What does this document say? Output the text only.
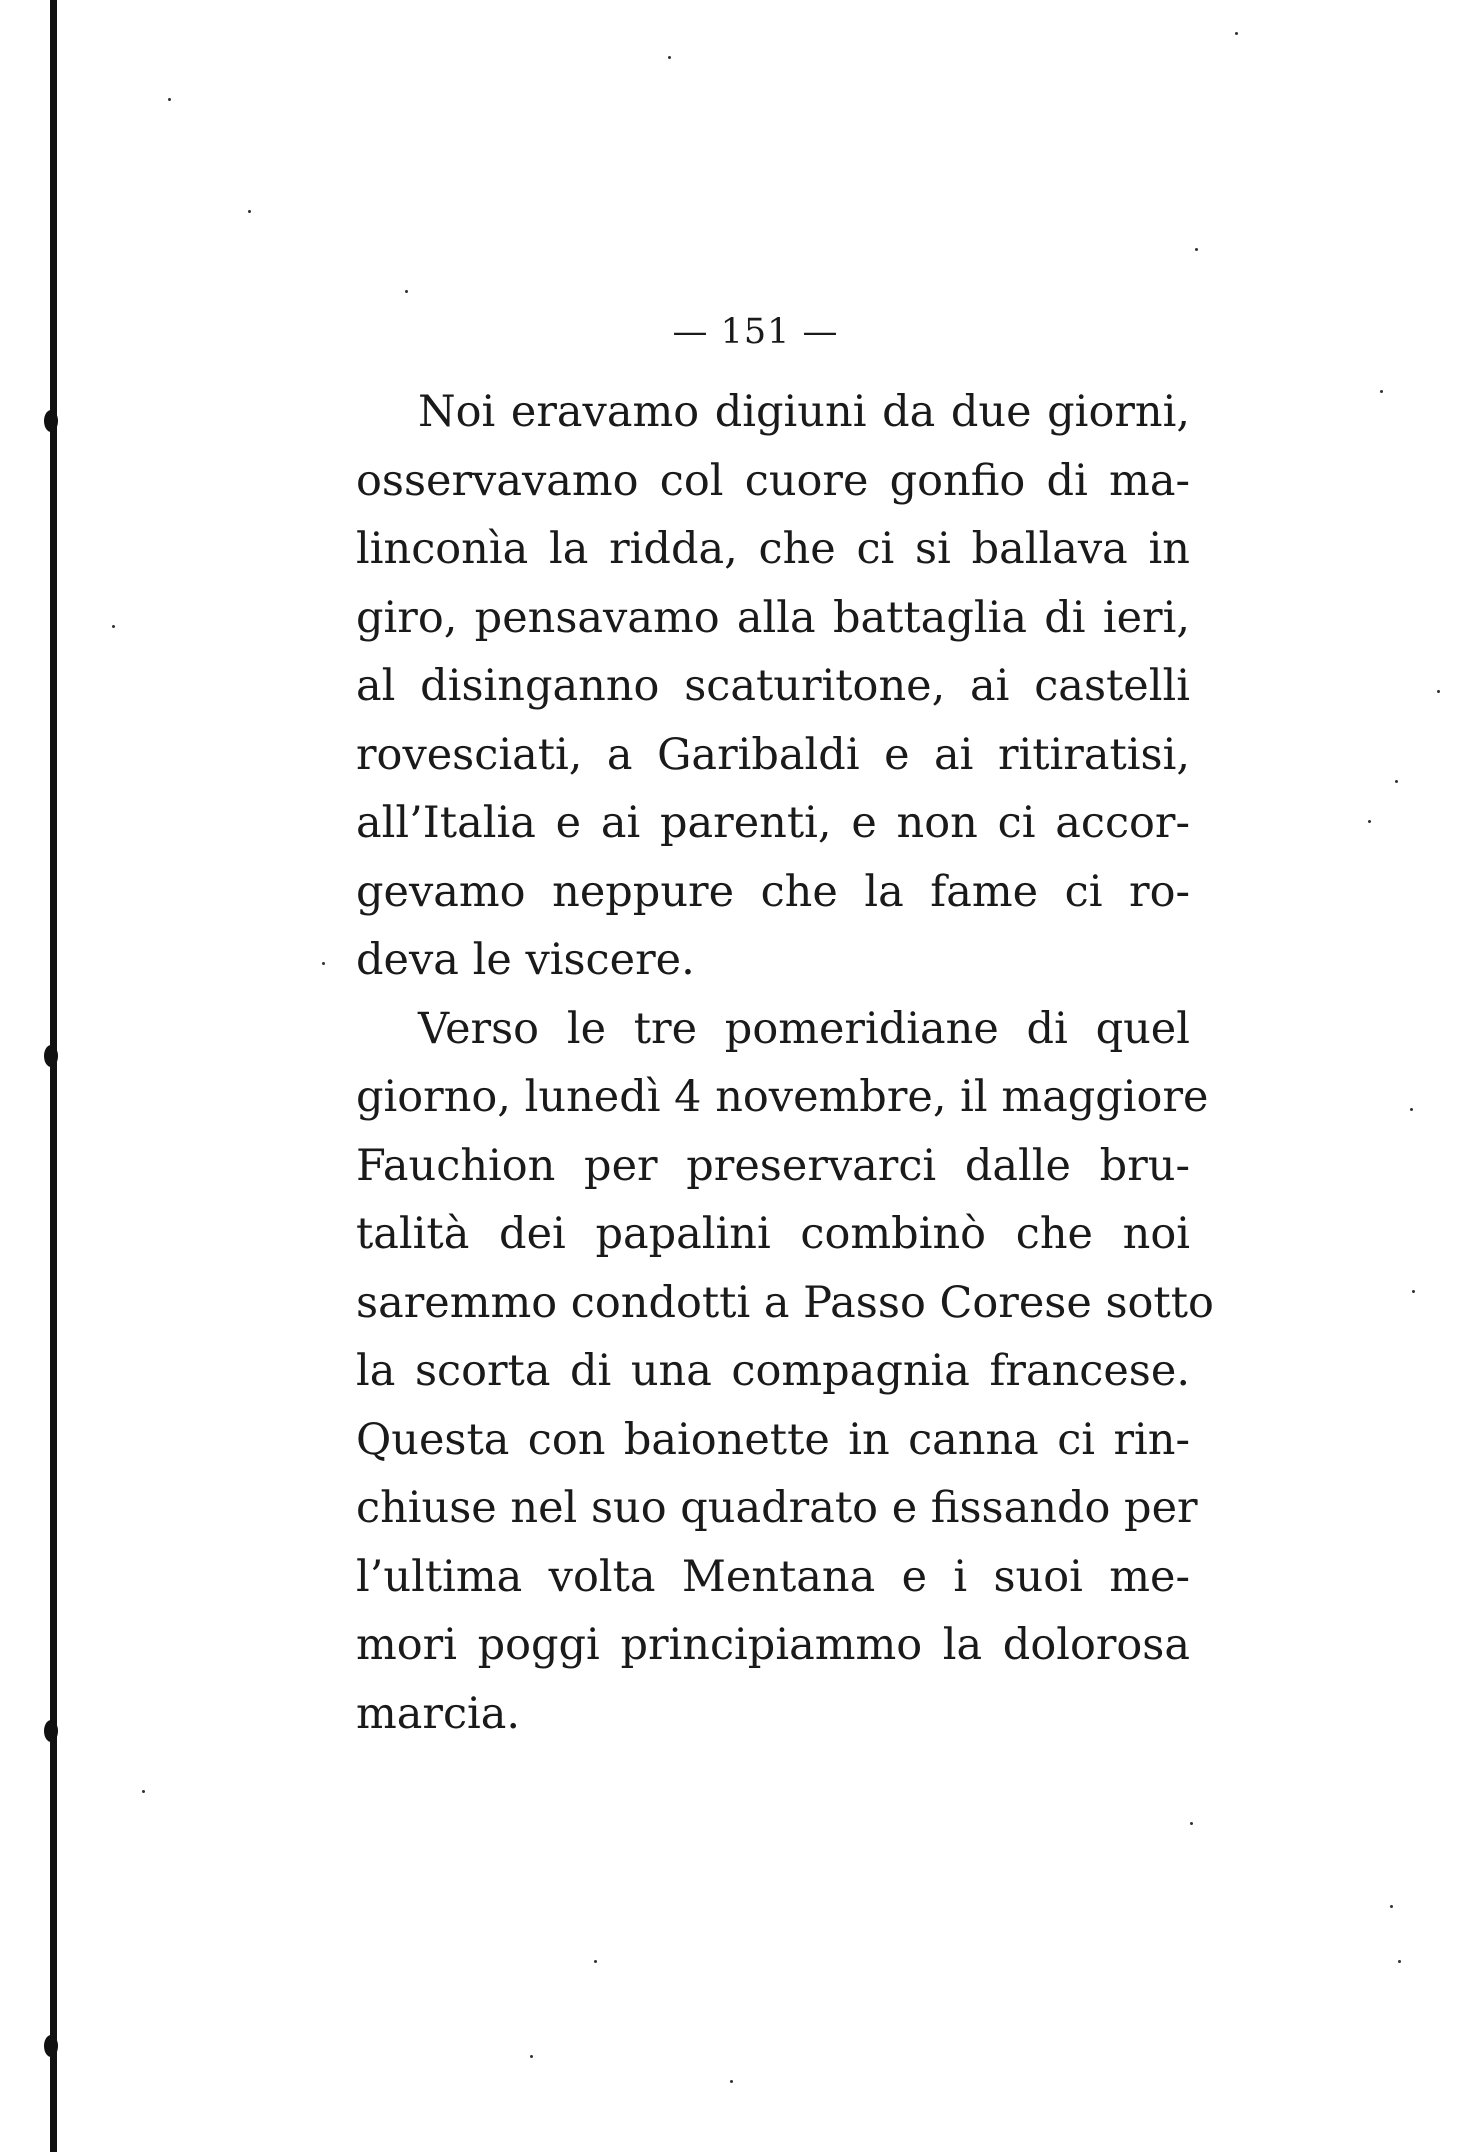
— 151 —
Noi eravamo digiuni da due giorni,
osservavamo col cuore gonfio di ma-
linconìa la ridda, che ci si ballava in
giro, pensavamo alla battaglia di ieri,
al disinganno scaturitone, ai castelli
rovesciati, a Garibaldi e ai ritiratisi,
all’Italia e ai parenti, e non ci accor-
gevamo neppure che la fame ci ro-
deva le viscere.
Verso le tre pomeridiane di quel
giorno, lunedì 4 novembre, il maggiore
Fauchion per preservarci dalle bru-
talità dei papalini combinò che noi
saremmo condotti a Passo Corese sotto
la scorta di una compagnia francese.
Questa con baionette in canna ci rin-
chiuse nel suo quadrato e fissando per
l’ultima volta Mentana e i suoi me-
mori poggi principiammo la dolorosa
marcia.
